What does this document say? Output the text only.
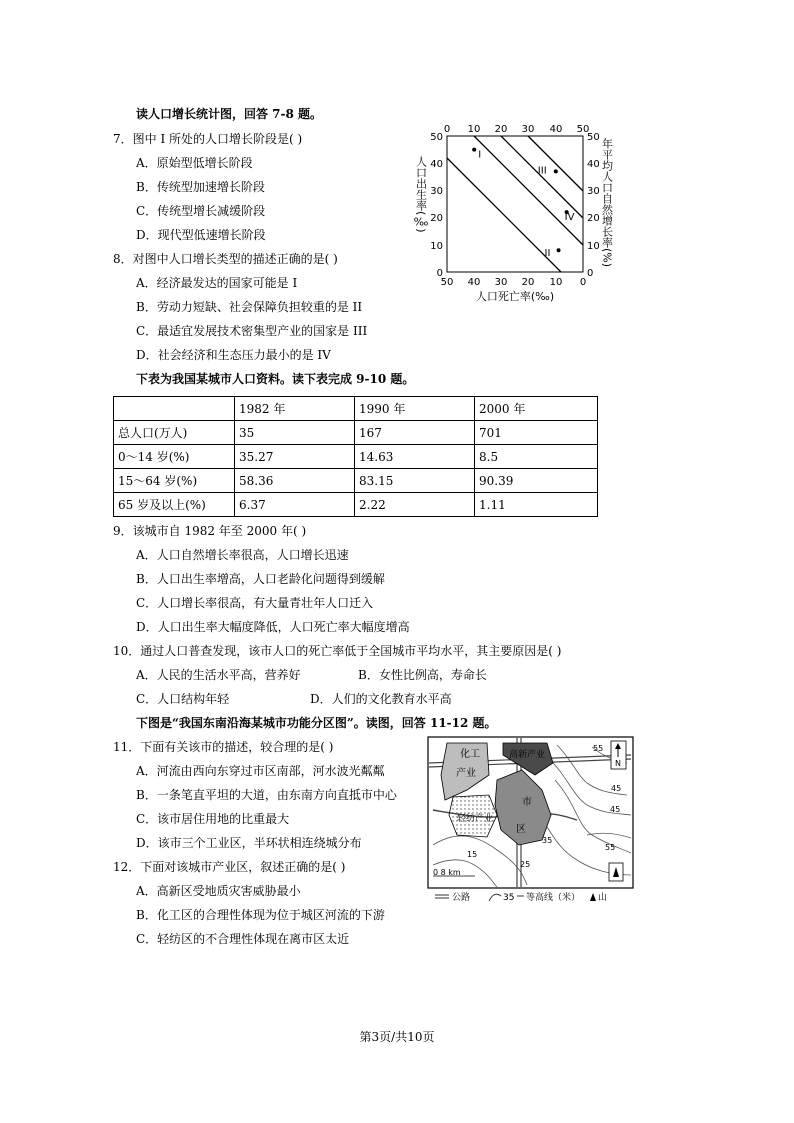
读人口增长统计图，回答 7-8 题。
7．图中 I 所处的人口增长阶段是( )
A．原始型低增长阶段
B．传统型加速增长阶段
C．传统型增长减缓阶段
D．现代型低速增长阶段
8．对图中人口增长类型的描述正确的是( )
A．经济最发达的国家可能是 I
B．劳动力短缺、社会保障负担较重的是 II
C．最适宜发展技术密集型产业的国家是 III
D．社会经济和生态压力最小的是 IV
0 10 20 30 40 50
50 40 30 20 10 0
50
40
30
20
10
0
50
40
30
20
10
0
人口出生率(‰)	年平均人口自然增长率(%)
人口死亡率(‰)
I
III
IV
II
下表为我国某城市人口资料。读下表完成 9-10 题。
	1982 年	1990 年	2000 年
总人口(万人)	35	167	701
0～14 岁(%)	35.27	14.63	8.5
15～64 岁(%)	58.36	83.15	90.39
65 岁及以上(%)	6.37	2.22	1.11
9．该城市自 1982 年至 2000 年( )
A．人口自然增长率很高，人口增长迅速
B．人口出生率增高，人口老龄化问题得到缓解
C．人口增长率很高，有大量青壮年人口迁入
D．人口出生率大幅度降低，人口死亡率大幅度增高
10．通过人口普查发现，该市人口的死亡率低于全国城市平均水平，其主要原因是( )
A．人民的生活水平高，营养好	B．女性比例高，寿命长
C．人口结构年轻	D．人们的文化教育水平高
下图是“我国东南沿海某城市功能分区图”。读图，回答 11-12 题。
11．下面有关该市的描述，较合理的是( )
A．河流由西向东穿过市区南部，河水波光粼粼
B．一条笔直平坦的大道，由东南方向直抵市中心
C．该市居住用地的比重最大
D．该市三个工业区，半环状相连绕城分布
12．下面对该城市产业区，叙述正确的是( )
A．高新区受地质灾害威胁最小
B．化工区的合理性体现为位于城区河流的下游
C．轻纺区的不合理性体现在离市区太近
化工
产业
高新产业
轻纺产业
市
区
N
55
45
45
35
25
15
55
0 8 km
公路	35 等高线（米） 山
第3页/共10页
